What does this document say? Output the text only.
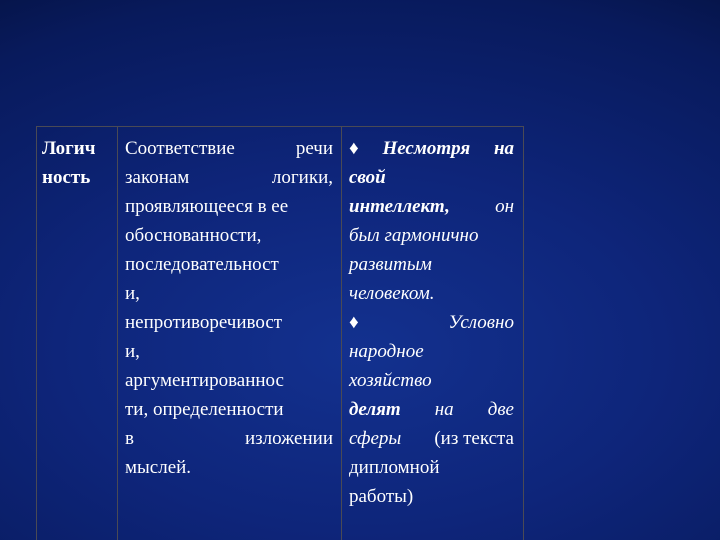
Логич
ность

Соответствие	речи
законам	логики,
проявляющееся в ее
обоснованности,
последовательност
и,
непротиворечивост
и,
аргументированнос
ти, определенности
в	изложении
мыслей.

♦ Несмотря на
свой
интеллект, он
был гармонично
развитым
человеком.
♦	Условно
народное
хозяйство
делят на две
сферы (из текста
дипломной
работы)
